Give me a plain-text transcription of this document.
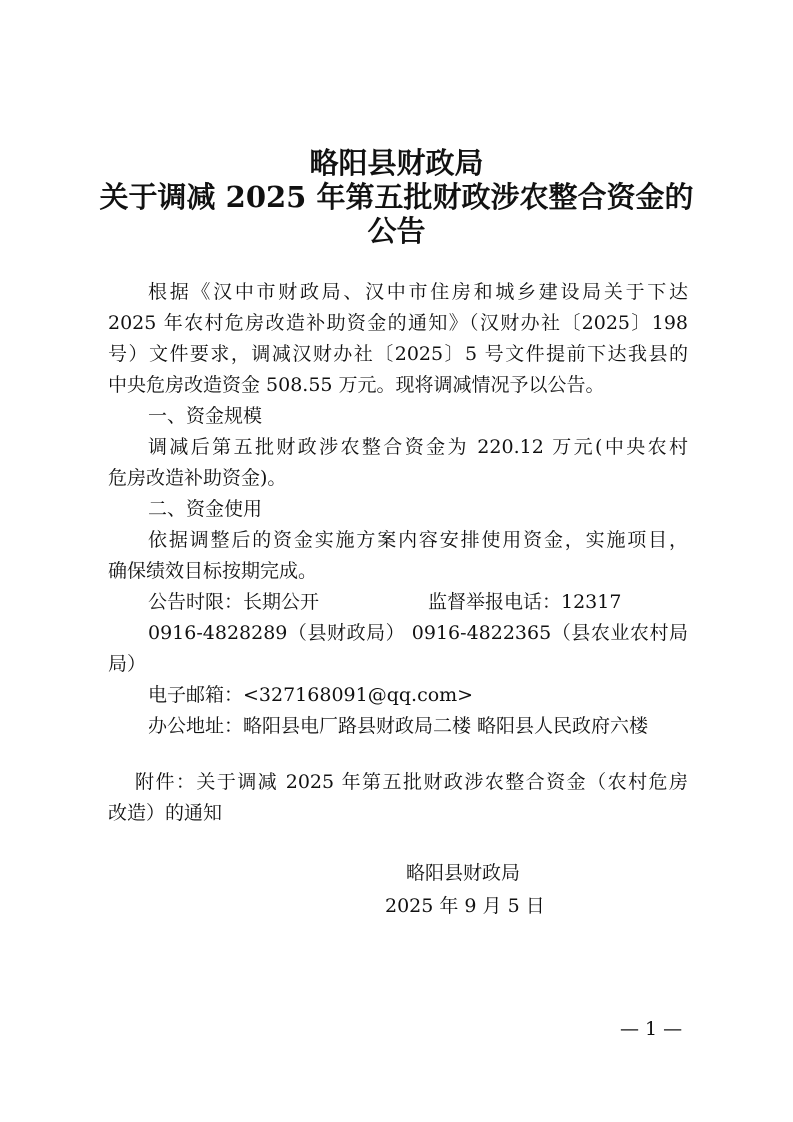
略阳县财政局
关于调减 2025 年第五批财政涉农整合资金的
公告
根据《汉中市财政局、汉中市住房和城乡建设局关于下达
2025 年农村危房改造补助资金的通知》（汉财办社〔2025〕198
号）文件要求，调减汉财办社〔2025〕5 号文件提前下达我县的
中央危房改造资金 508.55 万元。现将调减情况予以公告。
一、资金规模
调减后第五批财政涉农整合资金为 220.12 万元(中央农村
危房改造补助资金)。
二、资金使用
依据调整后的资金实施方案内容安排使用资金，实施项目，
确保绩效目标按期完成。
公告时限：长期公开	监督举报电话：12317
0916-4828289（县财政局） 0916-4822365（县农业农村局
局）
电子邮箱：<327168091@qq.com>
办公地址：略阳县电厂路县财政局二楼 略阳县人民政府六楼
附件：关于调减 2025 年第五批财政涉农整合资金（农村危房
改造）的通知
略阳县财政局
2025 年 9 月 5 日
— 1 —
